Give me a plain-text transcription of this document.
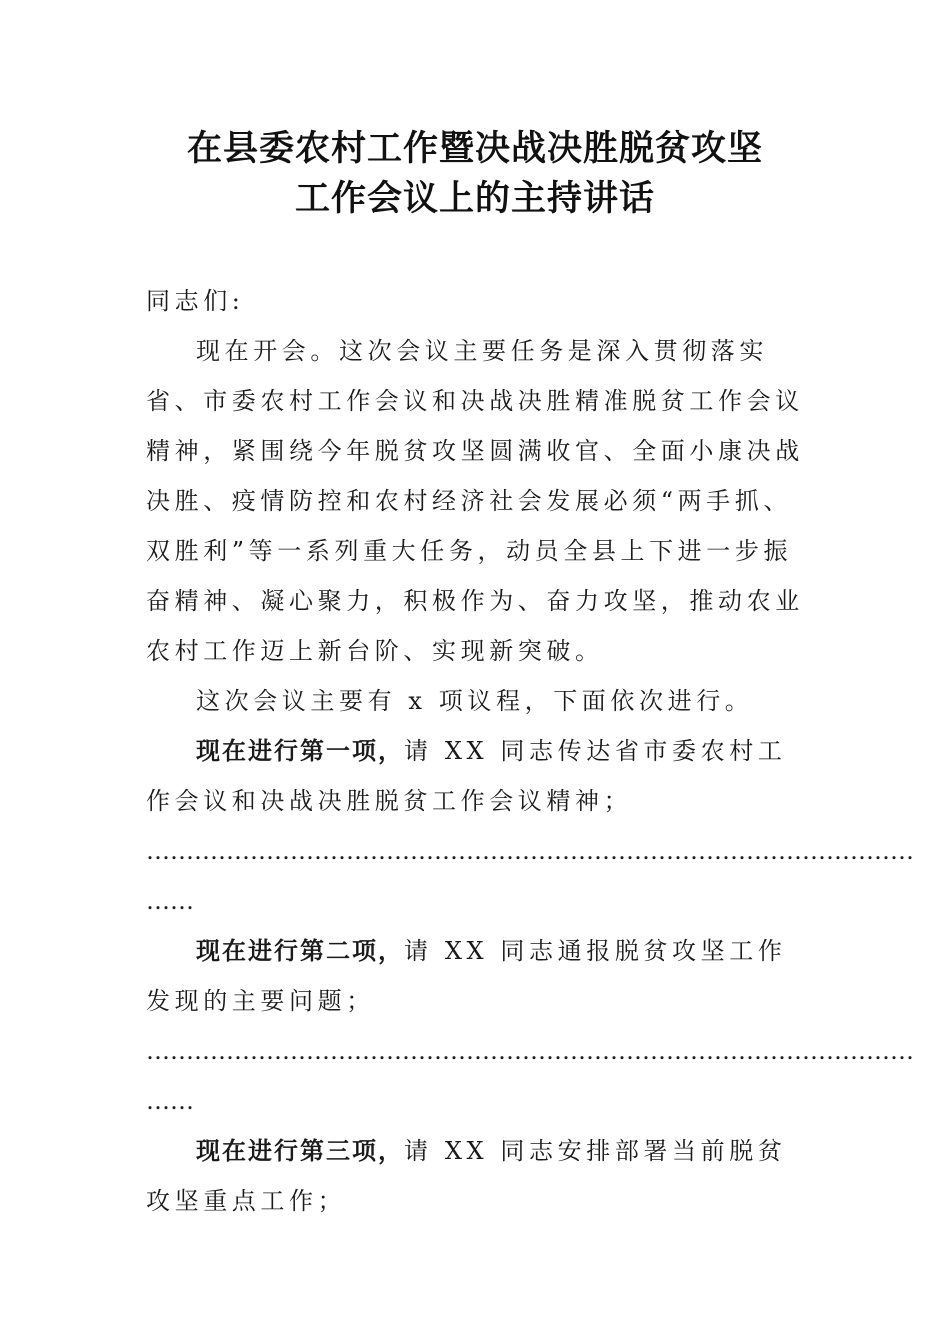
在县委农村工作暨决战决胜脱贫攻坚
工作会议上的主持讲话

同志们:

现在开会。这次会议主要任务是深入贯彻落实省、市委农村工作会议和决战决胜精准脱贫工作会议精神，紧围绕今年脱贫攻坚圆满收官、全面小康决战决胜、疫情防控和农村经济社会发展必须“两手抓、双胜利”等一系列重大任务，动员全县上下进一步振奋精神、凝心聚力，积极作为、奋力攻坚，推动农业农村工作迈上新台阶、实现新突破。

这次会议主要有 x 项议程，下面依次进行。

现在进行第一项，请 XX 同志传达省市委农村工作会议和决战决胜脱贫工作会议精神；

……………………………………………………………………………………

……

现在进行第二项，请 XX 同志通报脱贫攻坚工作发现的主要问题；

……………………………………………………………………………………

……

现在进行第三项，请 XX 同志安排部署当前脱贫攻坚重点工作；
